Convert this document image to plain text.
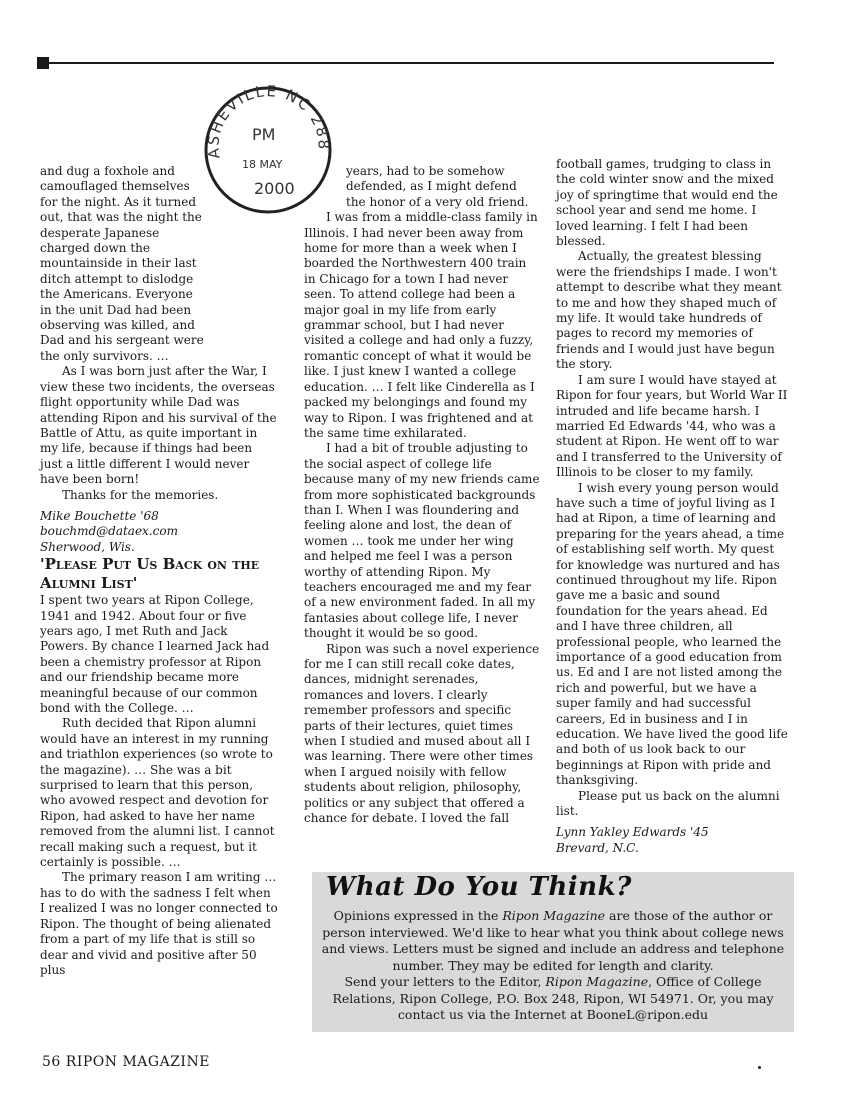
ASHEVILLE NC 288
PM
18 MAY
2000

and dug a foxhole and camouflaged themselves for the night. As it turned out, that was the night the desperate Japanese charged down the mountainside in their last ditch attempt to dislodge the Americans. Everyone in the unit Dad had been observing was killed, and Dad and his sergeant were the only survivors. …

As I was born just after the War, I view these two incidents, the overseas flight opportunity while Dad was attending Ripon and his survival of the Battle of Attu, as quite important in my life, because if things had been just a little different I would never have been born!

Thanks for the memories.

Mike Bouchette '68

bouchmd@dataex.com

Sherwood, Wis.

'Please Put Us Back on the Alumni List'

I spent two years at Ripon College, 1941 and 1942. About four or five years ago, I met Ruth and Jack Powers. By chance I learned Jack had been a chemistry professor at Ripon and our friendship became more meaningful because of our common bond with the College. …

Ruth decided that Ripon alumni would have an interest in my running and triathlon experiences (so wrote to the magazine). … She was a bit surprised to learn that this person, who avowed respect and devotion for Ripon, had asked to have her name removed from the alumni list. I cannot recall making such a request, but it certainly is possible. …

The primary reason I am writing … has to do with the sadness I felt when I realized I was no longer connected to Ripon. The thought of being alienated from a part of my life that is still so dear and vivid and positive after 50 plus

years, had to be somehow defended, as I might defend the honor of a very old friend.

I was from a middle-class family in Illinois. I had never been away from home for more than a week when I boarded the Northwestern 400 train in Chicago for a town I had never seen. To attend college had been a major goal in my life from early grammar school, but I had never visited a college and had only a fuzzy, romantic concept of what it would be like. I just knew I wanted a college education. … I felt like Cinderella as I packed my belongings and found my way to Ripon. I was frightened and at the same time exhilarated.

I had a bit of trouble adjusting to the social aspect of college life because many of my new friends came from more sophisticated backgrounds than I. When I was floundering and feeling alone and lost, the dean of women … took me under her wing and helped me feel I was a person worthy of attending Ripon. My teachers encouraged me and my fear of a new environment faded. In all my fantasies about college life, I never thought it would be so good.

Ripon was such a novel experience for me I can still recall coke dates, dances, midnight serenades, romances and lovers. I clearly remember professors and specific parts of their lectures, quiet times when I studied and mused about all I was learning. There were other times when I argued noisily with fellow students about religion, philosophy, politics or any subject that offered a chance for debate. I loved the fall

football games, trudging to class in the cold winter snow and the mixed joy of springtime that would end the school year and send me home. I loved learning. I felt I had been blessed.

Actually, the greatest blessing were the friendships I made. I won't attempt to describe what they meant to me and how they shaped much of my life. It would take hundreds of pages to record my memories of friends and I would just have begun the story.

I am sure I would have stayed at Ripon for four years, but World War II intruded and life became harsh. I married Ed Edwards '44, who was a student at Ripon. He went off to war and I transferred to the University of Illinois to be closer to my family.

I wish every young person would have such a time of joyful living as I had at Ripon, a time of learning and preparing for the years ahead, a time of establishing self worth. My quest for knowledge was nurtured and has continued throughout my life. Ripon gave me a basic and sound foundation for the years ahead. Ed and I have three children, all professional people, who learned the importance of a good education from us. Ed and I are not listed among the rich and powerful, but we have a super family and had successful careers, Ed in business and I in education. We have lived the good life and both of us look back to our beginnings at Ripon with pride and thanksgiving.

Please put us back on the alumni list.

Lynn Yakley Edwards '45

Brevard, N.C.

What Do You Think?
Opinions expressed in the Ripon Magazine are those of the author or person interviewed. We'd like to hear what you think about college news and views. Letters must be signed and include an address and telephone number. They may be edited for length and clarity.
Send your letters to the Editor, Ripon Magazine, Office of College Relations, Ripon College, P.O. Box 248, Ripon, WI 54971. Or, you may contact us via the Internet at BooneL@ripon.edu
56 RIPON MAGAZINE
